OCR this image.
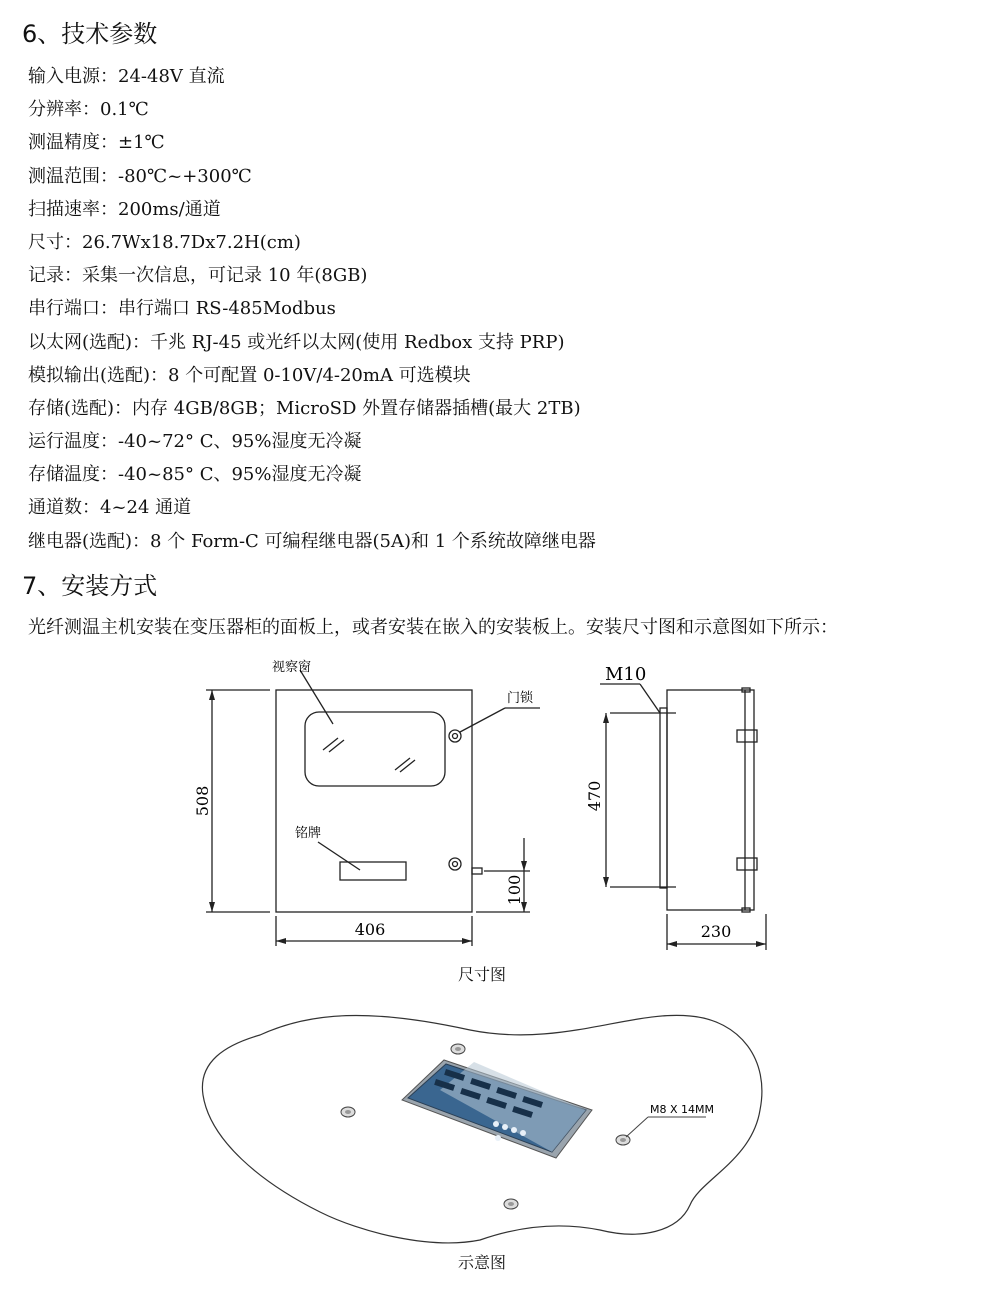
6、技术参数
输入电源：24-48V 直流
分辨率：0.1℃
测温精度：±1℃
测温范围：-80℃~+300℃
扫描速率：200ms/通道
尺寸：26.7Wx18.7Dx7.2H(cm)
记录：采集一次信息，可记录 10 年(8GB)
串行端口：串行端口 RS-485Modbus
以太网(选配)：千兆 RJ-45 或光纤以太网(使用 Redbox 支持 PRP)
模拟输出(选配)：8 个可配置 0-10V/4-20mA 可选模块
存储(选配)：内存 4GB/8GB；MicroSD 外置存储器插槽(最大 2TB)
运行温度：-40~72° C、95%湿度无冷凝
存储温度：-40~85° C、95%湿度无冷凝
通道数：4~24 通道
继电器(选配)：8 个 Form-C 可编程继电器(5A)和 1 个系统故障继电器
7、安装方式

光纤测温主机安装在变压器柜的面板上，或者安装在嵌入的安装板上。安装尺寸图和示意图如下所示：

视察窗
门锁
铭牌
508
406
100
M10
470
230
尺寸图
M8 X 14MM
示意图
